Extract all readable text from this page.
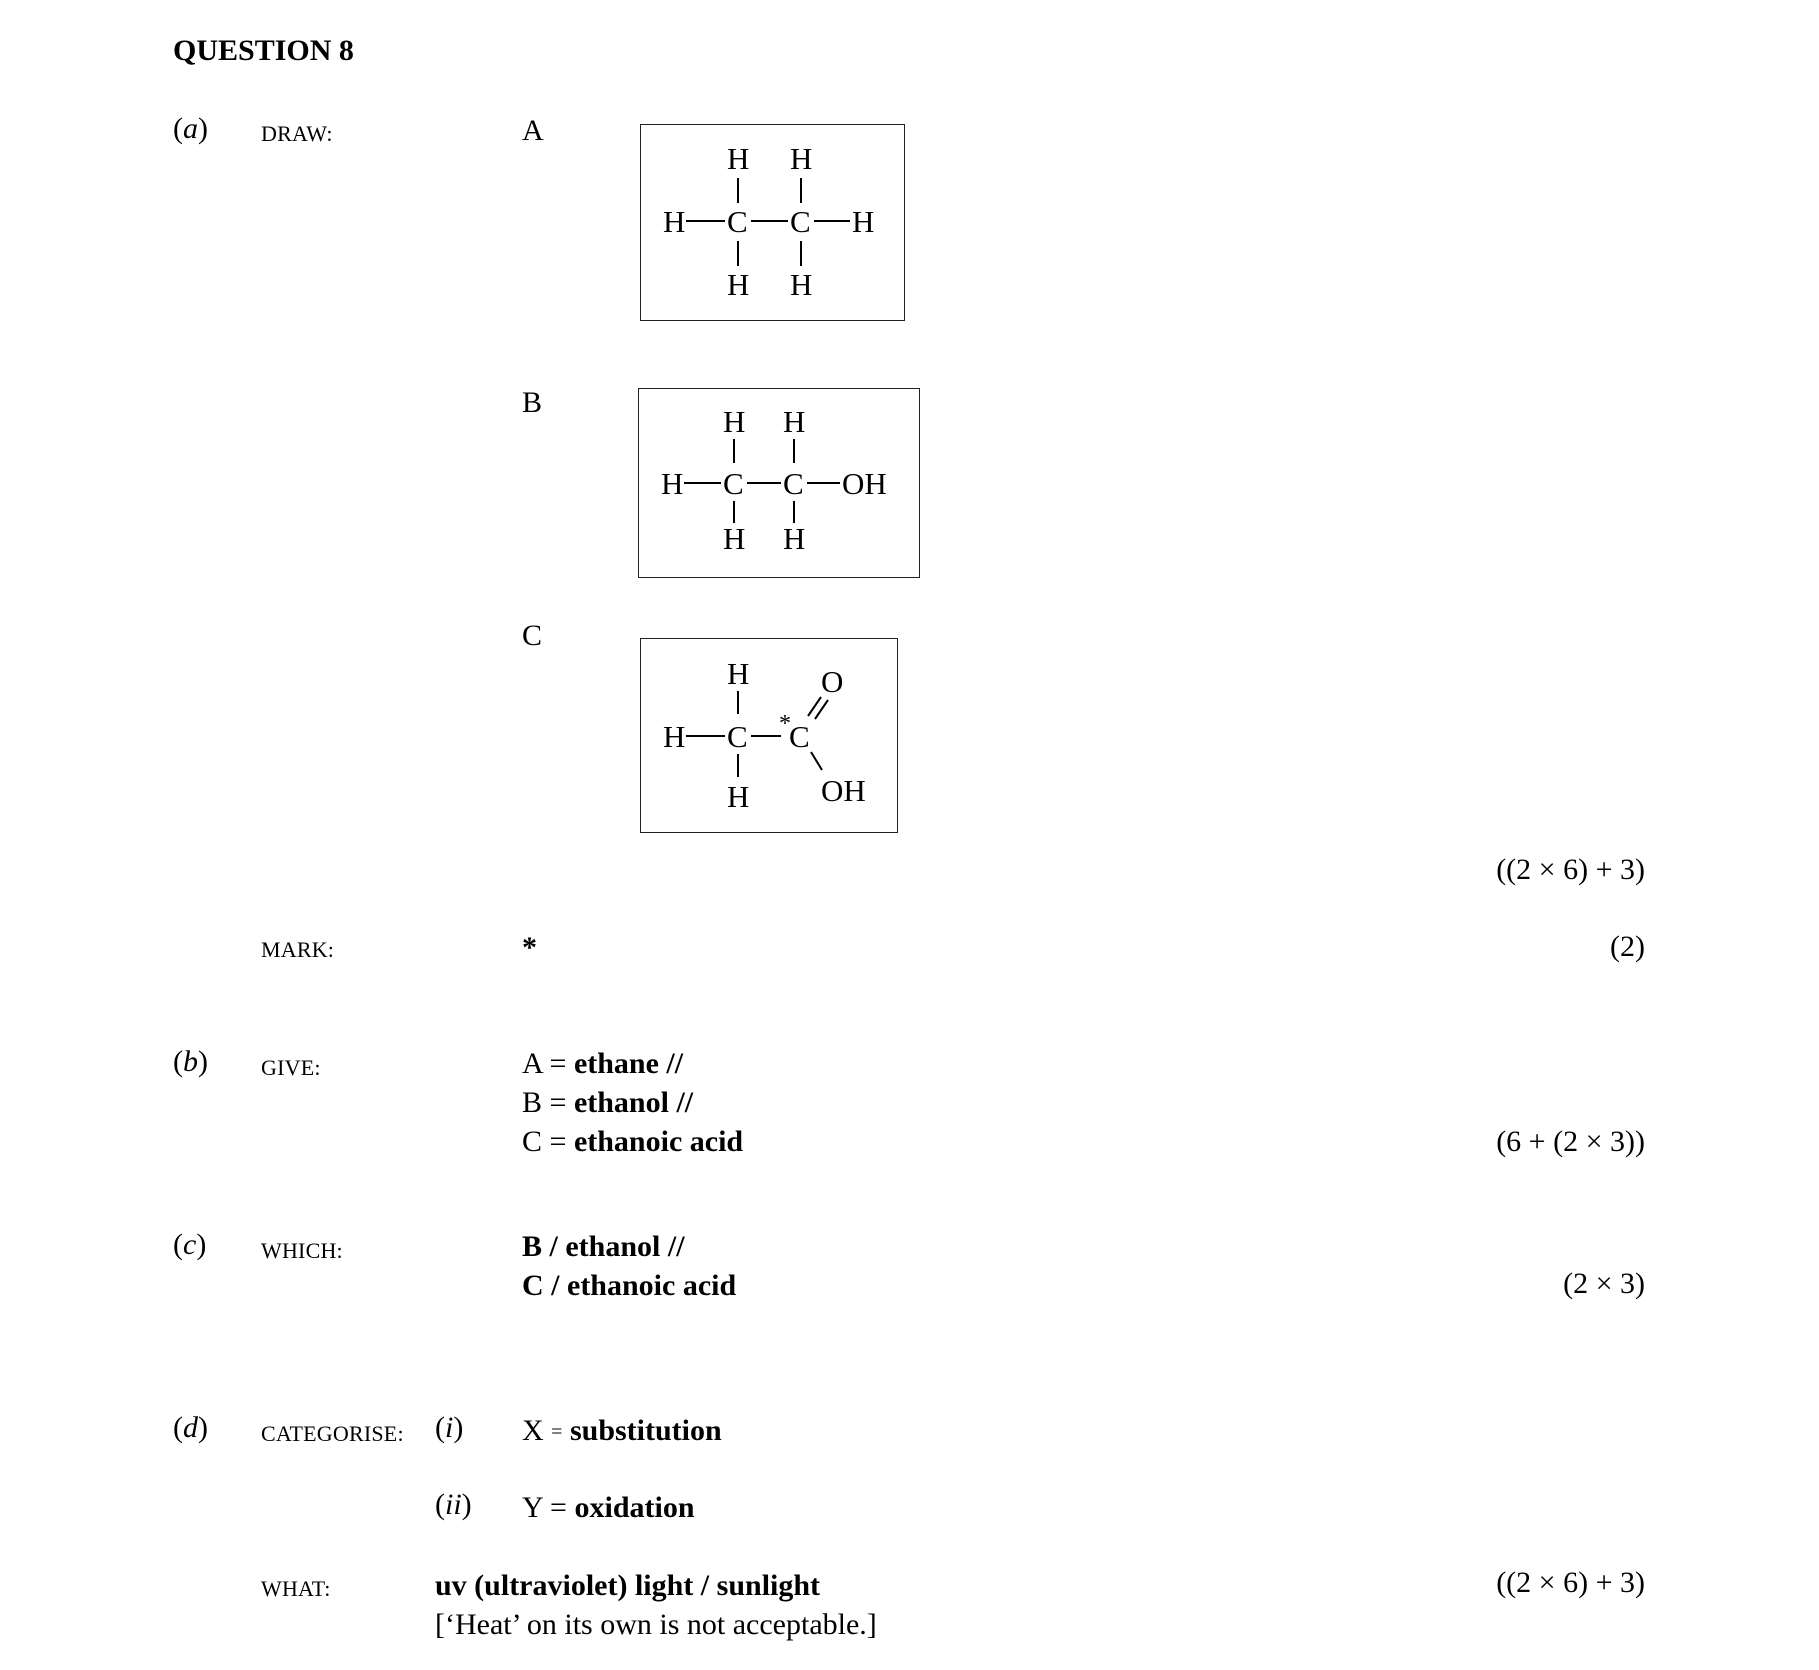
QUESTION 8
(a) DRAW:	A
H H
H C C H
H H
B
H H
H C C OH
H H
C
H O
H C *
C
H OH
((2 × 6) + 3)
MARK:	*	(2)
(b) GIVE:	A = ethane //
B = ethanol //
C = ethanoic acid	(6 + (2 × 3))
(c) WHICH:	B / ethanol //
C / ethanoic acid	(2 × 3)
(d) CATEGORISE: (i) X = substitution
(ii) Y = oxidation
WHAT:	uv (ultraviolet) light / sunlight
[‘Heat’ on its own is not acceptable.]
((2 × 6) + 3)
